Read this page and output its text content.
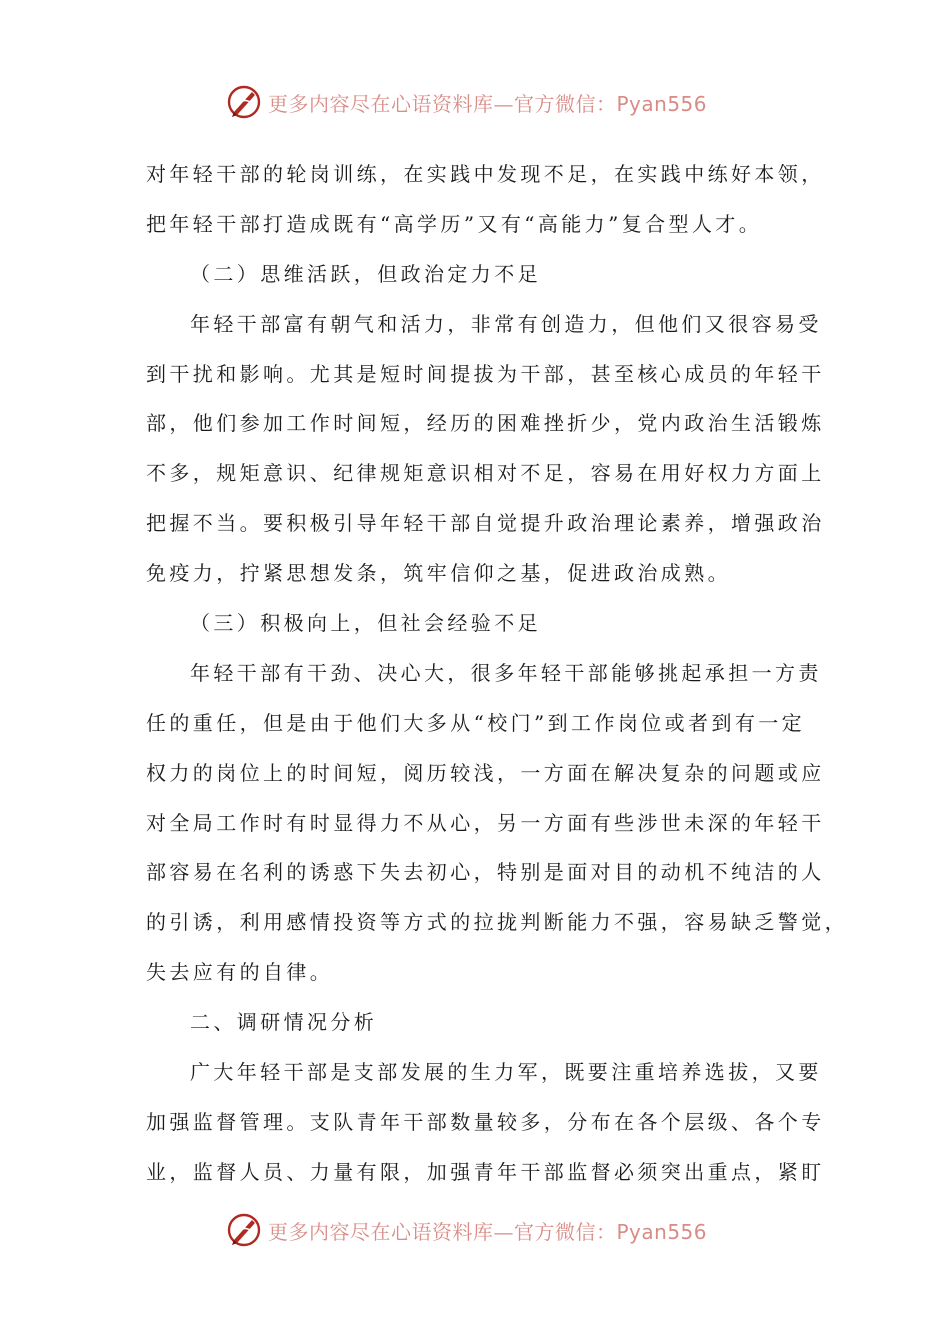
更多内容尽在心语资料库—官方微信：Pyan556
对年轻干部的轮岗训练，在实践中发现不足，在实践中练好本领，
把年轻干部打造成既有“高学历”又有“高能力”复合型人才。
（二）思维活跃，但政治定力不足
年轻干部富有朝气和活力，非常有创造力，但他们又很容易受
到干扰和影响。尤其是短时间提拔为干部，甚至核心成员的年轻干
部，他们参加工作时间短，经历的困难挫折少，党内政治生活锻炼
不多，规矩意识、纪律规矩意识相对不足，容易在用好权力方面上
把握不当。要积极引导年轻干部自觉提升政治理论素养，增强政治
免疫力，拧紧思想发条，筑牢信仰之基，促进政治成熟。
（三）积极向上，但社会经验不足
年轻干部有干劲、决心大，很多年轻干部能够挑起承担一方责
任的重任，但是由于他们大多从“校门”到工作岗位或者到有一定
权力的岗位上的时间短，阅历较浅，一方面在解决复杂的问题或应
对全局工作时有时显得力不从心，另一方面有些涉世未深的年轻干
部容易在名利的诱惑下失去初心，特别是面对目的动机不纯洁的人
的引诱，利用感情投资等方式的拉拢判断能力不强，容易缺乏警觉，
失去应有的自律。
二、调研情况分析
广大年轻干部是支部发展的生力军，既要注重培养选拔，又要
加强监督管理。支队青年干部数量较多，分布在各个层级、各个专
业，监督人员、力量有限，加强青年干部监督必须突出重点，紧盯
更多内容尽在心语资料库—官方微信：Pyan556
